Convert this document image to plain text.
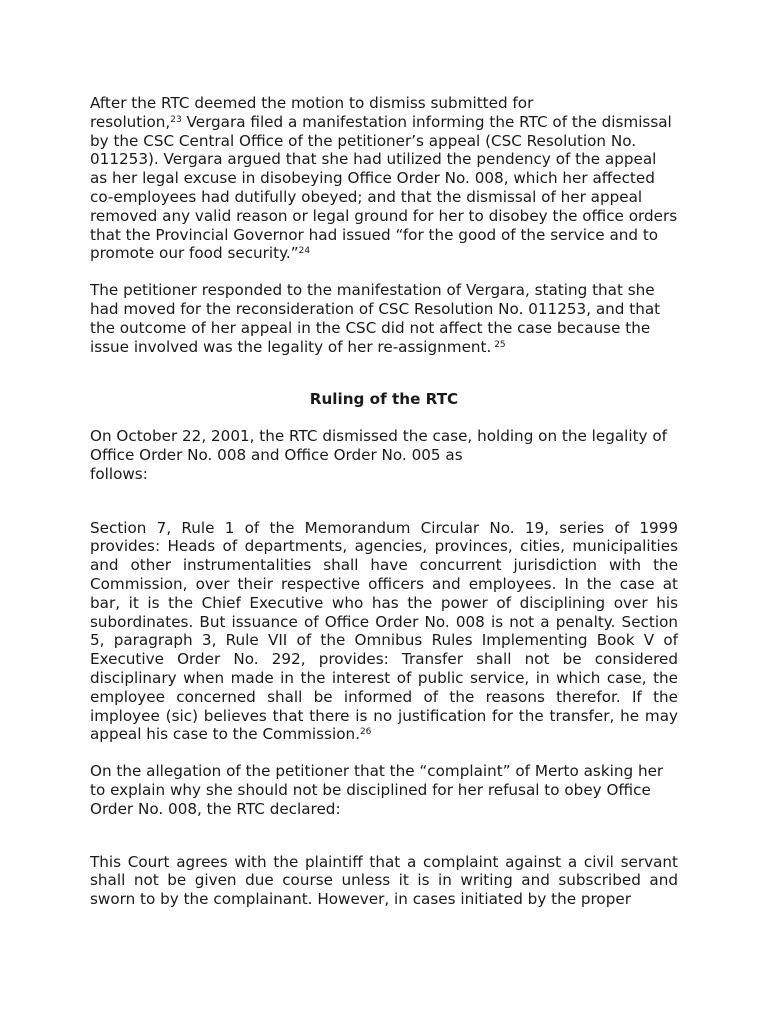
After the RTC deemed the motion to dismiss submitted for
resolution,$^{23}$ Vergara filed a manifestation informing the RTC of the dismissal by the CSC Central Office of the petitioner’s appeal (CSC Resolution No. 011253). Vergara argued that she had utilized the pendency of the appeal as her legal excuse in disobeying Office Order No. 008, which her affected co-employees had dutifully obeyed; and that the dismissal of her appeal removed any valid reason or legal ground for her to disobey the office orders that the Provincial Governor had issued “for the good of the service and to promote our food security.”$^{24}$

The petitioner responded to the manifestation of Vergara, stating that she had moved for the reconsideration of CSC Resolution No. 011253, and that the outcome of her appeal in the CSC did not affect the case because the issue involved was the legality of her re-assignment. $^{25}$

Ruling of the RTC

On October 22, 2001, the RTC dismissed the case, holding on the legality of Office Order No. 008 and Office Order No. 005 as
follows:

Section 7, Rule 1 of the Memorandum Circular No. 19, series of 1999 provides: Heads of departments, agencies, provinces, cities, municipalities and other instrumentalities shall have concurrent jurisdiction with the Commission, over their respective officers and employees. In the case at bar, it is the Chief Executive who has the power of disciplining over his subordinates. But issuance of Office Order No. 008 is not a penalty. Section 5, paragraph 3, Rule VII of the Omnibus Rules Implementing Book V of Executive Order No. 292, provides: Transfer shall not be considered disciplinary when made in the interest of public service, in which case, the employee concerned shall be informed of the reasons therefor. If the imployee (sic) believes that there is no justification for the transfer, he may appeal his case to the Commission.$^{26}$

On the allegation of the petitioner that the “complaint” of Merto asking her to explain why she should not be disciplined for her refusal to obey Office Order No. 008, the RTC declared:

This Court agrees with the plaintiff that a complaint against a civil servant shall not be given due course unless it is in writing and subscribed and sworn to by the complainant. However, in cases initiated by the proper
